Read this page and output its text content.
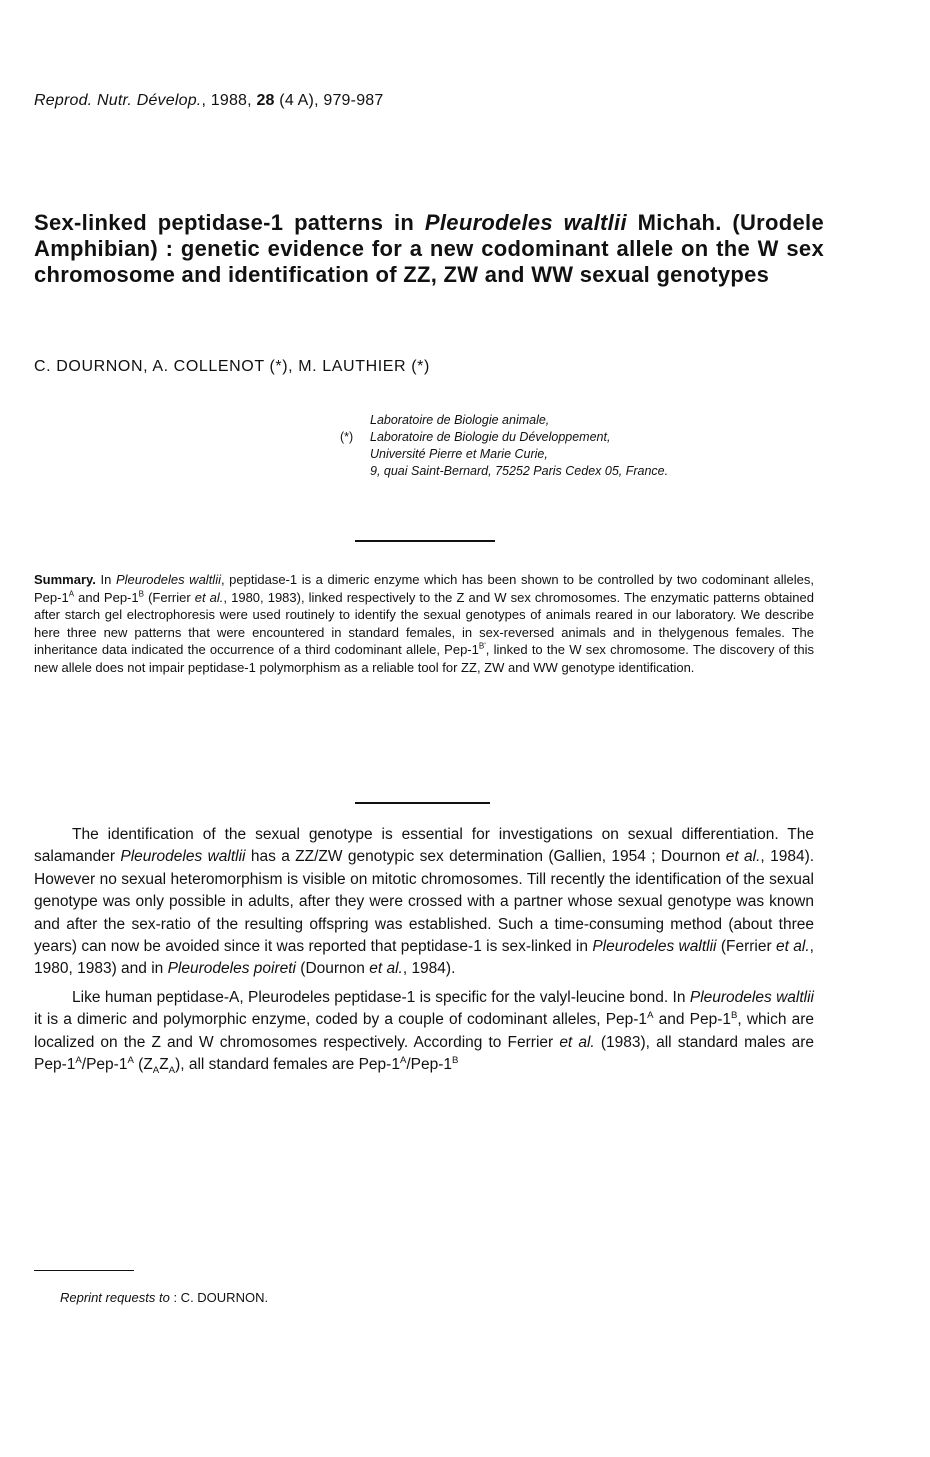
Reprod. Nutr. Dévelop., 1988, 28 (4 A), 979-987
Sex-linked peptidase-1 patterns in Pleurodeles waltlii Michah. (Urodele Amphibian) : genetic evidence for a new codominant allele on the W sex chromosome and identification of ZZ, ZW and WW sexual genotypes
C. DOURNON, A. COLLENOT (*), M. LAUTHIER (*)
Laboratoire de Biologie animale,
(*)	Laboratoire de Biologie du Développement,
Université Pierre et Marie Curie,
9, quai Saint-Bernard, 75252 Paris Cedex 05, France.

Summary. In Pleurodeles waltlii, peptidase-1 is a dimeric enzyme which has been shown to be controlled by two codominant alleles, Pep-$1^A$ and Pep-$1^B$ (Ferrier et al., 1980, 1983), linked respectively to the Z and W sex chromosomes. The enzymatic patterns obtained after starch gel electrophoresis were used routinely to identify the sexual genotypes of animals reared in our laboratory. We describe here three new patterns that were encountered in standard females, in sex-reversed animals and in thelygenous females. The inheritance data indicated the occurrence of a third codominant allele, Pep-$1^{B'}$, linked to the W sex chromosome. The discovery of this new allele does not impair peptidase-1 polymorphism as a reliable tool for ZZ, ZW and WW genotype identification.

The identification of the sexual genotype is essential for investigations on sexual differentiation. The salamander Pleurodeles waltlii has a ZZ/ZW genotypic sex determination (Gallien, 1954 ; Dournon et al., 1984). However no sexual heteromorphism is visible on mitotic chromosomes. Till recently the identification of the sexual genotype was only possible in adults, after they were crossed with a partner whose sexual genotype was known and after the sex-ratio of the resulting offspring was established. Such a time-consuming method (about three years) can now be avoided since it was reported that peptidase-1 is sex-linked in Pleurodeles waltlii (Ferrier et al., 1980, 1983) and in Pleurodeles poireti (Dournon et al., 1984).

Like human peptidase-A, Pleurodeles peptidase-1 is specific for the valyl-leucine bond. In Pleurodeles waltlii it is a dimeric and polymorphic enzyme, coded by a couple of codominant alleles, Pep-$1^A$ and Pep-$1^B$, which are localized on the Z and W chromosomes respectively. According to Ferrier et al. (1983), all standard males are Pep-$1^A/Pep-1^A$ $(Z_AZ_A)$, all standard females are Pep-$1^A/Pep-1^B$

Reprint requests to : C. DOURNON.
